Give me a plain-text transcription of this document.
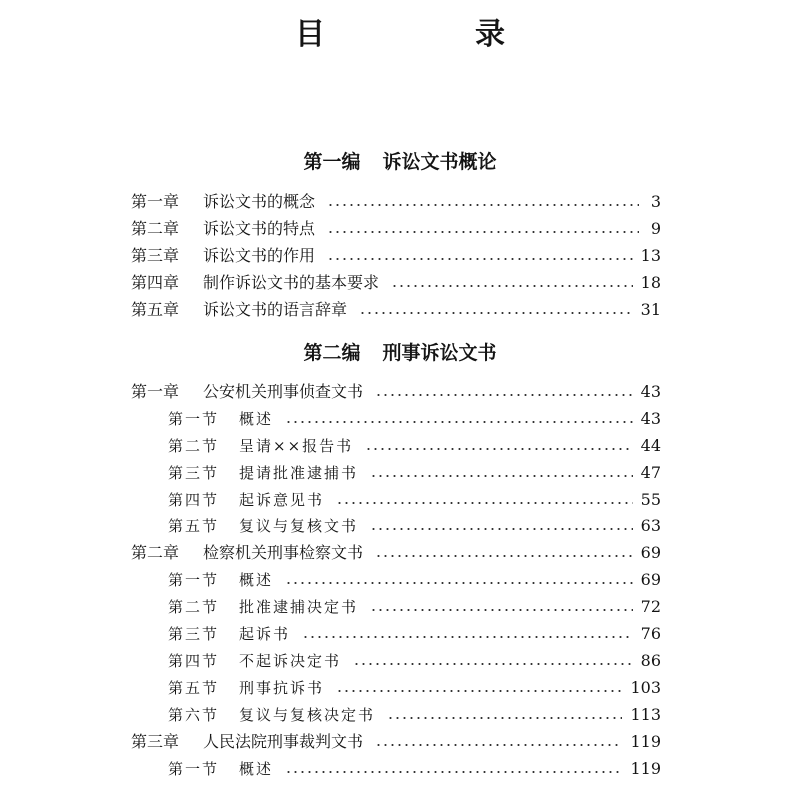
目　录
第一编 诉讼文书概论
第一章	诉讼文书的概念	3
第二章	诉讼文书的特点	9
第三章	诉讼文书的作用	13
第四章	制作诉讼文书的基本要求	18
第五章	诉讼文书的语言辞章	31
第二编 刑事诉讼文书
第一章	公安机关刑事侦查文书	43
第一节	概述	43
第二节	呈请××报告书	44
第三节	提请批准逮捕书	47
第四节	起诉意见书	55
第五节	复议与复核文书	63
第二章	检察机关刑事检察文书	69
第一节	概述	69
第二节	批准逮捕决定书	72
第三节	起诉书	76
第四节	不起诉决定书	86
第五节	刑事抗诉书	103
第六节	复议与复核决定书	113
第三章	人民法院刑事裁判文书	119
第一节	概述	119
